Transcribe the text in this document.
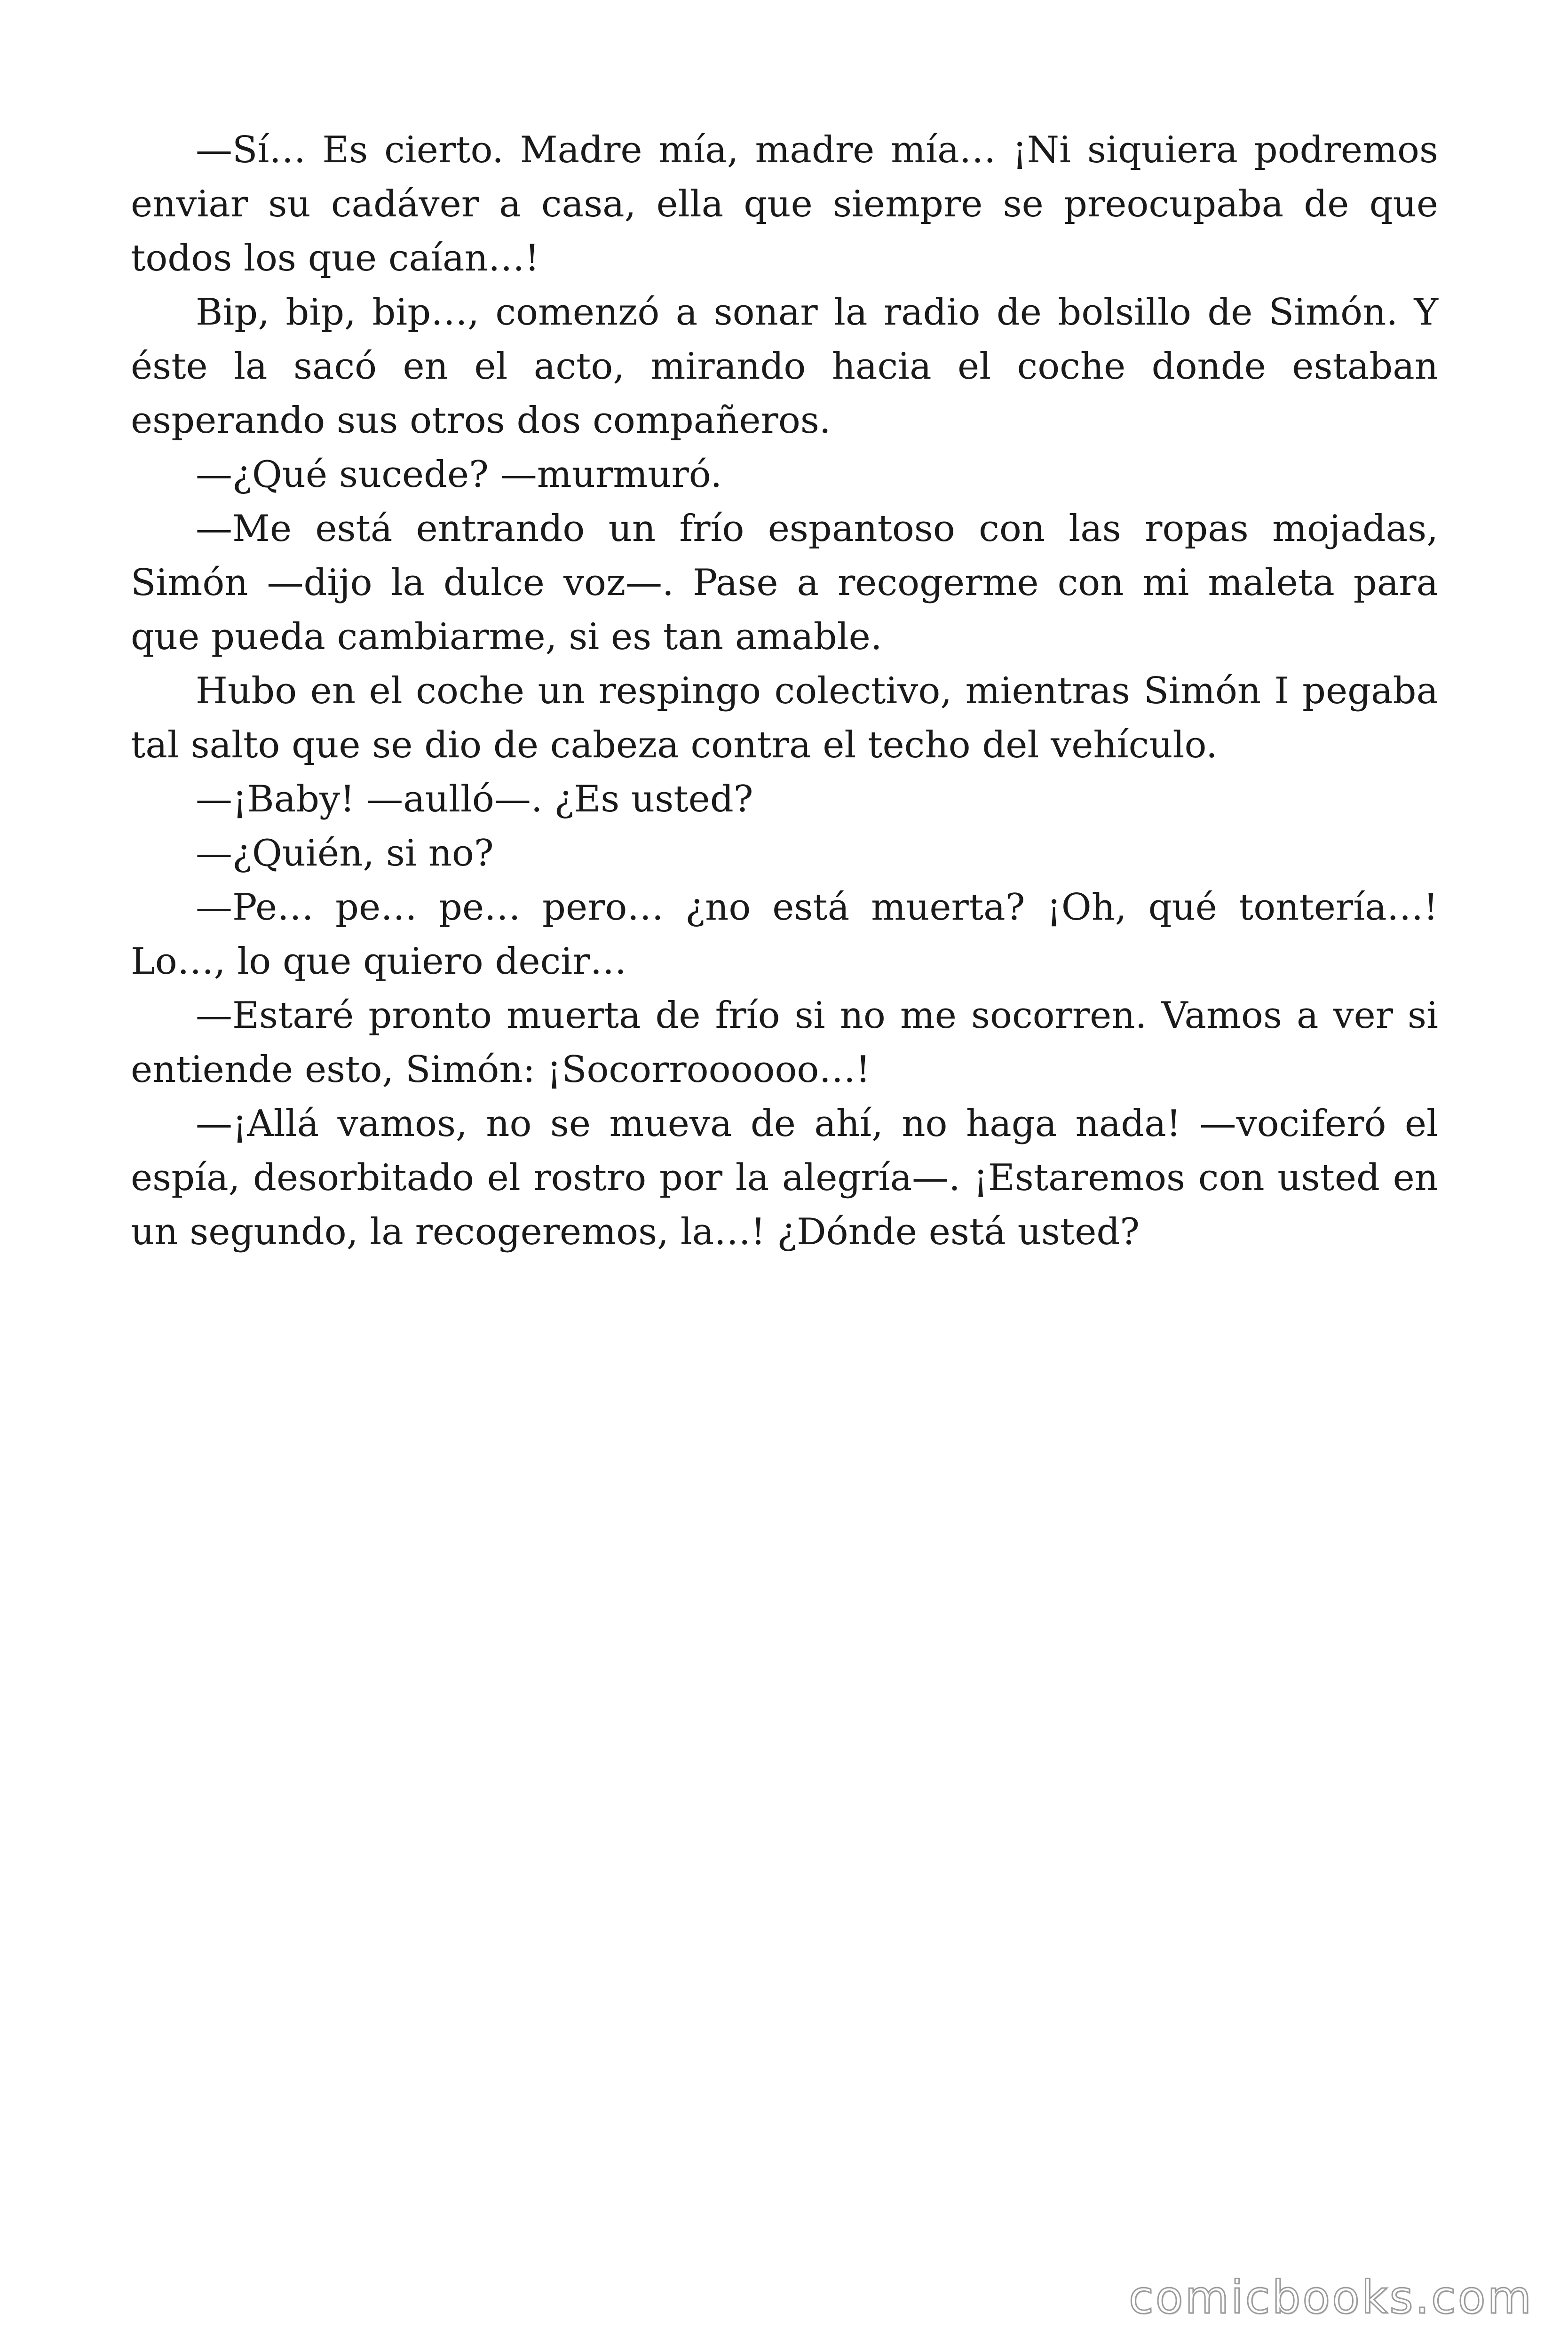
—Sí… Es cierto. Madre mía, madre mía… ¡Ni siquiera podremos enviar su cadáver a casa, ella que siempre se preocupaba de que todos los que caían…!

Bip, bip, bip…, comenzó a sonar la radio de bolsillo de Simón. Y éste la sacó en el acto, mirando hacia el coche donde estaban esperando sus otros dos compañeros.

—¿Qué sucede? —murmuró.

—Me está entrando un frío espantoso con las ropas mojadas, Simón —dijo la dulce voz—. Pase a recogerme con mi maleta para que pueda cambiarme, si es tan amable.

Hubo en el coche un respingo colectivo, mientras Simón I pegaba tal salto que se dio de cabeza contra el techo del vehículo.

—¡Baby! —aulló—. ¿Es usted?

—¿Quién, si no?

—Pe… pe… pe… pero… ¿no está muerta? ¡Oh, qué tontería…! Lo…, lo que quiero decir…

—Estaré pronto muerta de frío si no me socorren. Vamos a ver si entiende esto, Simón: ¡Socorroooooo…!

—¡Allá vamos, no se mueva de ahí, no haga nada! —vociferó el espía, desorbitado el rostro por la alegría—. ¡Estaremos con usted en un segundo, la recogeremos, la…! ¿Dónde está usted?

comicbooks.com
